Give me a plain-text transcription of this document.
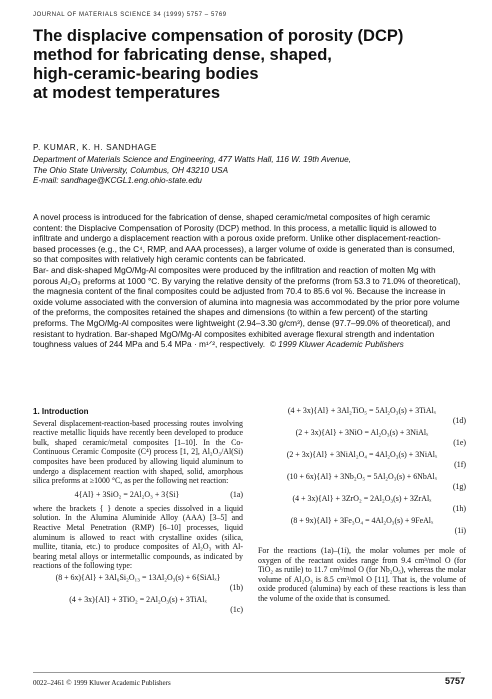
JOURNAL OF MATERIALS SCIENCE 34 (1999) 5757 – 5769
The displacive compensation of porosity (DCP)
method for fabricating dense, shaped,
high-ceramic-bearing bodies
at modest temperatures
P. KUMAR, K. H. SANDHAGE
Department of Materials Science and Engineering, 477 Watts Hall, 116 W. 19th Avenue,
The Ohio State University, Columbus, OH 43210 USA
E-mail: sandhage@KCGL1.eng.ohio-state.edu

A novel process is introduced for the fabrication of dense, shaped ceramic/metal composites of high ceramic content: the Displacive Compensation of Porosity (DCP) method. In this process, a metallic liquid is allowed to infiltrate and undergo a displacement reaction with a porous oxide preform. Unlike other displacement-reaction-based processes (e.g., the C⁴, RMP, and AAA processes), a larger volume of oxide is generated than is consumed, so that composites with relatively high ceramic contents can be fabricated.

Bar- and disk-shaped MgO/Mg-Al composites were produced by the infiltration and reaction of molten Mg with porous Al₂O₃ preforms at 1000 °C. By varying the relative density of the preforms (from 53.3 to 71.0% of theoretical), the magnesia content of the final composites could be adjusted from 70.4 to 85.6 vol %. Because the increase in oxide volume associated with the conversion of alumina into magnesia was accommodated by the prior pore volume of the preforms, the composites retained the shapes and dimensions (to within a few percent) of the starting preforms. The MgO/Mg-Al composites were lightweight (2.94–3.30 g/cm³), dense (97.7–99.0% of theoretical), and resistant to hydration. Bar-shaped MgO/Mg-Al composites exhibited average flexural strength and indentation toughness values of 244 MPa and 5.4 MPa · m¹ᐟ², respectively. © 1999 Kluwer Academic Publishers

1. Introduction

Several displacement-reaction-based processing routes involving reactive metallic liquids have recently been developed to produce bulk, shaped ceramic/metal composites [1–10]. In the Co-Continuous Ceramic Composite (C⁴) process [1, 2], Al₂O₃/Al(Si) composites have been produced by allowing liquid aluminum to undergo a displacement reaction with shaped, solid, amorphous silica preforms at ≥1000 °C, as per the following net reaction:

4{Al} + 3SiO₂ = 2Al₂O₃ + 3{Si}	(1a)

where the brackets { } denote a species dissolved in a liquid solution. In the Alumina Aluminide Alloy (AAA) [3–5] and Reactive Metal Penetration (RMP) [6–10] processes, liquid aluminum is allowed to react with crystalline oxides (silica, mullite, titania, etc.) to produce composites of Al₂O₃ with Al-bearing metal alloys or intermetallic compounds, as indicated by reactions of the following type:

(8 + 6x){Al} + 3Al₆Si₂O₁₃ = 13Al₂O₃(s) + 6{SiAlₓ}
(1b)
(4 + 3x){Al} + 3TiO₂ = 2Al₂O₃(s) + 3TiAlₓ
(1c)
(4 + 3x){Al} + 3Al₂TiO₅ = 5Al₂O₃(s) + 3TiAlₓ
(1d)
(2 + 3x){Al} + 3NiO = Al₂O₃(s) + 3NiAlₓ
(1e)
(2 + 3x){Al} + 3NiAl₂O₄ = 4Al₂O₃(s) + 3NiAlₓ
(1f)
(10 + 6x){Al} + 3Nb₂O₅ = 5Al₂O₃(s) + 6NbAlₓ
(1g)
(4 + 3x){Al} + 3ZrO₂ = 2Al₂O₃(s) + 3ZrAlₓ
(1h)
(8 + 9x){Al} + 3Fe₃O₄ = 4Al₂O₃(s) + 9FeAlₓ
(1i)

For the reactions (1a)–(1i), the molar volumes per mole of oxygen of the reactant oxides range from 9.4 cm³/mol O (for TiO₂ as rutile) to 11.7 cm³/mol O (for Nb₂O₅), whereas the molar volume of Al₂O₃ is 8.5 cm³/mol O [11]. That is, the volume of oxide produced (alumina) by each of these reactions is less than the volume of the oxide that is consumed.

0022–2461 © 1999 Kluwer Academic Publishers	5757
